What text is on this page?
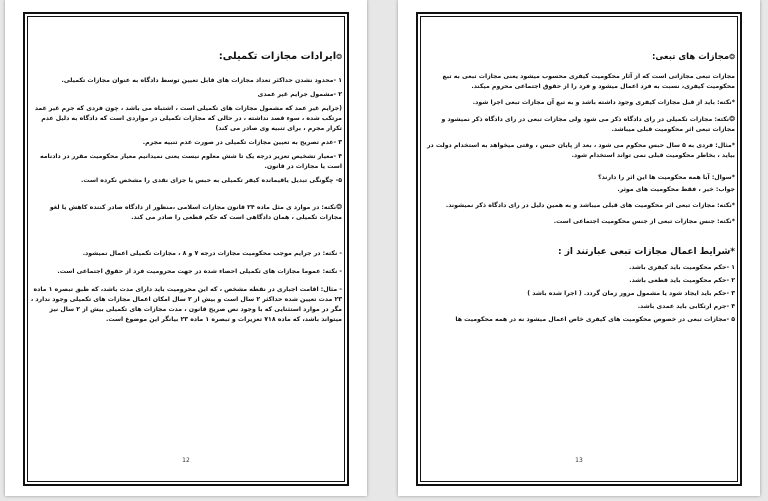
❂ایرادات مجازات تکمیلی:

۱ -محدود نشدن حداکثر تعداد مجازات های قابل تعیین توسط دادگاه به عنوان مجازات تکمیلی.

۲ -مشمول جرایم غیر عمدی

(جرایم غیر عمد که مشمول مجازات های تکمیلی است ، اشتباه می باشد ، چون فردی که جرم غیر عمد مرتکب شده ، سوء قصد نداشته ، در حالی که مجازات تکمیلی در مواردی است که دادگاه به دلیل عدم تکرار مجرم ، برای تنبیه وی صادر می کند)

۳ -عدم تصریح به تعیین مجازات تکمیلی در صورت عدم تنبیه مجرم.

۴ -معیار تشخیص تعزیر درجه یک تا شش معلوم نیست یعنی نمیدانیم معیار محکومیت مقرر در دادنامه است یا مجازات در قانون.

۵- چگونگی تبدیل یاقیمانده کیفر تکمیلی به حبس یا جزای نقدی را مشخص نکرده است.

❂نکته: در موارد ی مثل ماده ۲۴ قانون مجازات اسلامی ،منظور از دادگاه صادر کننده کاهش یا لغو مجازات تکمیلی ، همان دادگاهی است که حکم قطعی را صادر می کند.

- نکته: در جرایم موجب محکومیت مجازات درجه ۷ و ۸ ، مجازات تکمیلی اعمال نمیشود.

- نکته: عموما مجازات های تکمیلی احصاء شده در جهت محرومیت فرد از حقوق اجتماعی است.

- مثال: اقامت اجباری در نقطه مشخص ، که این محرومیت باید دارای مدت باشد، که طبق تبصره ۱ ماده ۲۳ مدت تعیین شده حداکثر ۲ سال است و بیش از ۲ سال امکان اعمال مجازات های تکمیلی وجود ندارد ، مگر در موارد استثنایی که با وجود نص صریح قانون ، مدت مجازات های تکمیلی بیش از ۲ سال نیز میتواند باشد، که ماده ۷۱۸ تعزیرات و تبصره ۱ ماده ۲۳ بیانگر این موضوع است.

12
❂مجازات های تبعی:

مجازات تبعی مجازاتی است که از آثار محکومیت کیفری محسوب میشود یعنی مجازات تبعی به تبع محکومیت کیفری، نسبت به فرد اعمال میشود و فرد را از حقوق اجتماعی محروم میکند.

*نکته: باید از قبل مجازات کیفری وجود داشته باشد و به تبع آن مجازات تبعی اجرا شود.

❂نکته: مجازات تکمیلی در رای دادگاه ذکر می شود ولی مجازات تبعی در رای دادگاه ذکر نمیشود و مجازات تبعی اثر محکومیت قبلی میباشد.

*مثال: فردی به ۵ سال حبس محکوم می شود ، بعد از پایان حبس ، وقتی میخواهد به استخدام دولت در بیاید ، بخاطر محکومیت قبلی نمی تواند استخدام شود.

*سوال: آیا همه محکومیت ها این اثر را دارند؟

جواب: خیر ، فقط محکومیت های موثر.

*نکته: مجازات تبعی اثر محکومیت های قبلی میباشد و به همین دلیل در رای دادگاه ذکر نمیشوند.

*نکته: جنس مجازات تبعی از جنس محکومیت اجتماعی است.

*شرایط اعمال مجازات تبعی عبارتند از :

۱ -حکم محکومیت باید کیفری باشد.

۲ -حکم محکومیت باید قطعی باشد.

۳ -حکم باید ایجاد شود یا مشمول مرور زمان گردد. ( اجرا شده باشد )

۴ -جرم ارتکابی باید عمدی باشد.

۵ -مجازات تبعی در خصوص محکومیت های کیفری خاص اعمال میشود نه در همه محکومیت ها

13
